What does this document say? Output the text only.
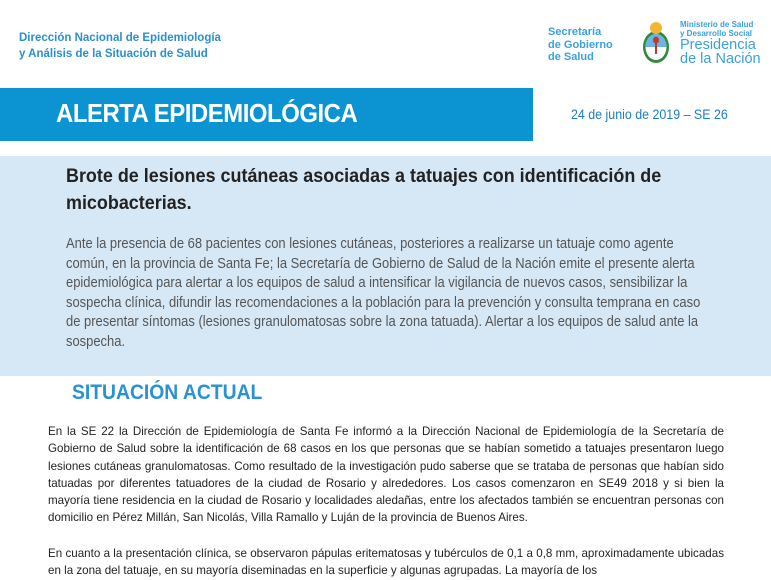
Dirección Nacional de Epidemiología
y Análisis de la Situación de Salud
Secretaría
de Gobierno
de Salud
Ministerio de Salud
y Desarrollo Social
Presidencia
de la Nación
ALERTA EPIDEMIOLÓGICA	24 de junio de 2019 – SE 26
Brote de lesiones cutáneas asociadas a tatuajes con identificación de micobacterias.
Ante la presencia de 68 pacientes con lesiones cutáneas, posteriores a realizarse un tatuaje como agente común, en la provincia de Santa Fe; la Secretaría de Gobierno de Salud de la Nación emite el presente alerta epidemiológica para alertar a los equipos de salud a intensificar la vigilancia de nuevos casos, sensibilizar la sospecha clínica, difundir las recomendaciones a la población para la prevención y consulta temprana en caso de presentar síntomas (lesiones granulomatosas sobre la zona tatuada). Alertar a los equipos de salud ante la sospecha.
SITUACIÓN ACTUAL
En la SE 22 la Dirección de Epidemiología de Santa Fe informó a la Dirección Nacional de Epidemiología de la Secretaría de Gobierno de Salud sobre la identificación de 68 casos en los que personas que se habían sometido a tatuajes presentaron luego lesiones cutáneas granulomatosas. Como resultado de la investigación pudo saberse que se trataba de personas que habían sido tatuadas por diferentes tatuadores de la ciudad de Rosario y alrededores. Los casos comenzaron en SE49 2018 y si bien la mayoría tiene residencia en la ciudad de Rosario y localidades aledañas, entre los afectados también se encuentran personas con domicilio en Pérez Millán, San Nicolás, Villa Ramallo y Luján de la provincia de Buenos Aires.
En cuanto a la presentación clínica, se observaron pápulas eritematosas y tubérculos de 0,1 a 0,8 mm, aproximadamente ubicadas en la zona del tatuaje, en su mayoría diseminadas en la superficie y algunas agrupadas. La mayoría de los
